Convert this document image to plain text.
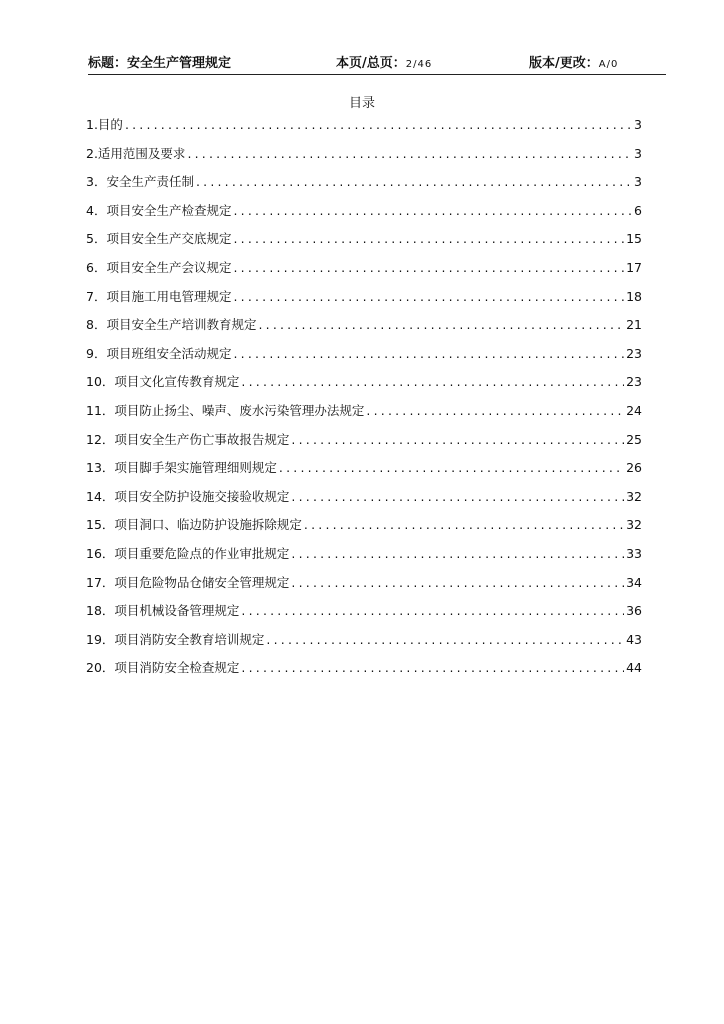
标题：安全生产管理规定	本页/总页：2/46	版本/更改：A/0
目录
1.目的 .....	3
2.适用范围及要求 .....	3
3．安全生产责任制 .....	3
4．项目安全生产检查规定 .....	6
5．项目安全生产交底规定 .....	15
6．项目安全生产会议规定 .....	17
7．项目施工用电管理规定 .....	18
8．项目安全生产培训教育规定 .....	21
9．项目班组安全活动规定 .....	23
10．项目文化宣传教育规定 .....	23
11．项目防止扬尘、噪声、废水污染管理办法规定 .....	24
12．项目安全生产伤亡事故报告规定 .....	25
13．项目脚手架实施管理细则规定 .....	26
14．项目安全防护设施交接验收规定 .....	32
15．项目洞口、临边防护设施拆除规定 .....	32
16．项目重要危险点的作业审批规定 .....	33
17．项目危险物品仓储安全管理规定 .....	34
18．项目机械设备管理规定 .....	36
19．项目消防安全教育培训规定 .....	43
20．项目消防安全检查规定 .....	44
